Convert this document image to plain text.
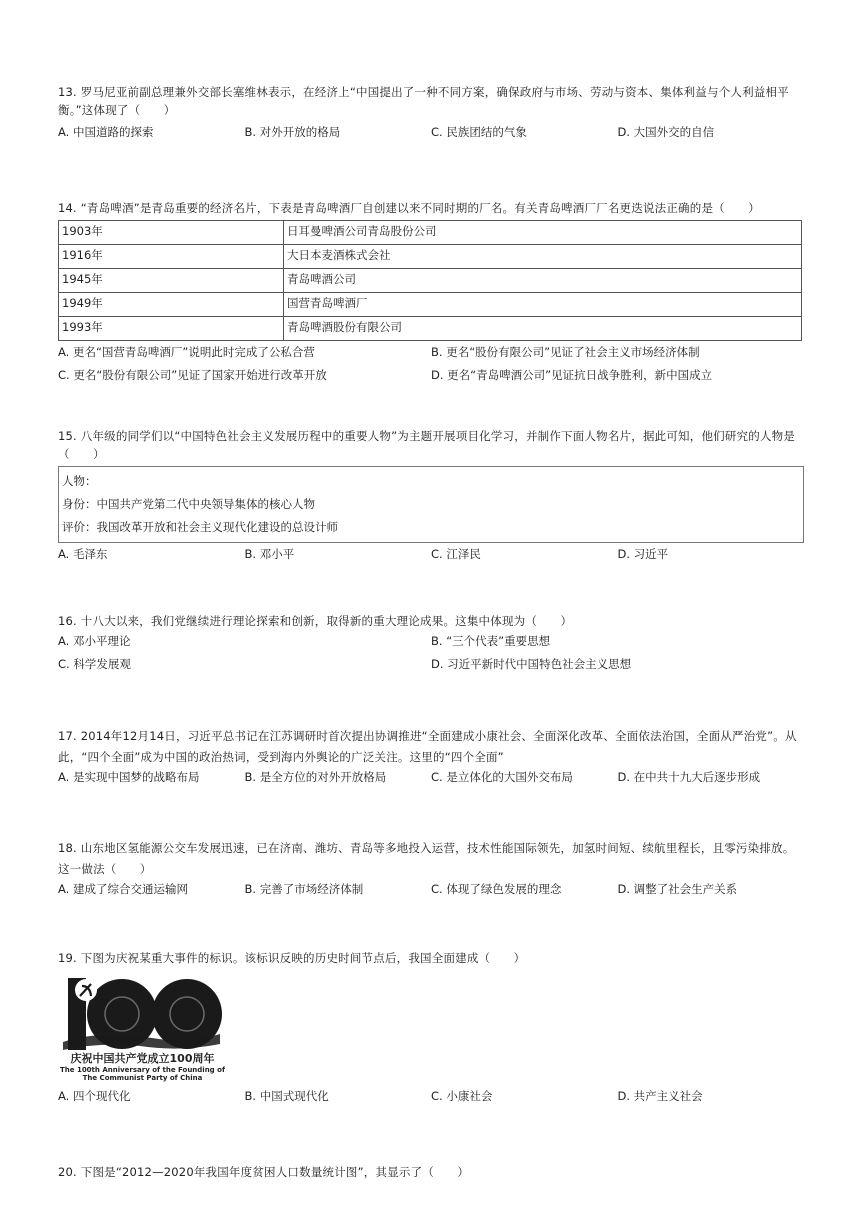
13. 罗马尼亚前副总理兼外交部长塞维林表示，在经济上“中国提出了一种不同方案，确保政府与市场、劳动与资本、集体利益与个人利益相平衡。”这体现了（　　）

A. 中国道路的探索	B. 对外开放的格局	C. 民族团结的气象	D. 大国外交的自信

14. “青岛啤酒”是青岛重要的经济名片，下表是青岛啤酒厂自创建以来不同时期的厂名。有关青岛啤酒厂厂名更迭说法正确的是（　　）

1903年	日耳曼啤酒公司青岛股份公司
1916年	大日本麦酒株式会社
1945年	青岛啤酒公司
1949年	国营青岛啤酒厂
1993年	青岛啤酒股份有限公司
A. 更名“国营青岛啤酒厂”说明此时完成了公私合营	B. 更名“股份有限公司”见证了社会主义市场经济体制
C. 更名“股份有限公司”见证了国家开始进行改革开放	D. 更名“青岛啤酒公司”见证抗日战争胜利，新中国成立

15. 八年级的同学们以“中国特色社会主义发展历程中的重要人物”为主题开展项目化学习，并制作下面人物名片，据此可知，他们研究的人物是（　　）

人物：
身份：中国共产党第二代中央领导集体的核心人物
评价：我国改革开放和社会主义现代化建设的总设计师
A. 毛泽东	B. 邓小平	C. 江泽民	D. 习近平

16. 十八大以来，我们党继续进行理论探索和创新，取得新的重大理论成果。这集中体现为（　　）

A. 邓小平理论	B. “三个代表”重要思想
C. 科学发展观	D. 习近平新时代中国特色社会主义思想

17. 2014年12月14日，习近平总书记在江苏调研时首次提出协调推进“全面建成小康社会、全面深化改革、全面依法治国，全面从严治党”。从此，“四个全面”成为中国的政治热词，受到海内外舆论的广泛关注。这里的“四个全面”

A. 是实现中国梦的战略布局	B. 是全方位的对外开放格局	C. 是立体化的大国外交布局	D. 在中共十九大后逐步形成

18. 山东地区氢能源公交车发展迅速，已在济南、潍坊、青岛等多地投入运营，技术性能国际领先，加氢时间短、续航里程长，且零污染排放。这一做法（　　）

A. 建成了综合交通运输网	B. 完善了市场经济体制	C. 体现了绿色发展的理念	D. 调整了社会生产关系

19. 下图为庆祝某重大事件的标识。该标识反映的历史时间节点后，我国全面建成（　　）

庆祝中国共产党成立100周年
The 100th Anniversary of the Founding of
The Communist Party of China
A. 四个现代化	B. 中国式现代化	C. 小康社会	D. 共产主义社会

20. 下图是“2012—2020年我国年度贫困人口数量统计图”，其显示了（　　）
